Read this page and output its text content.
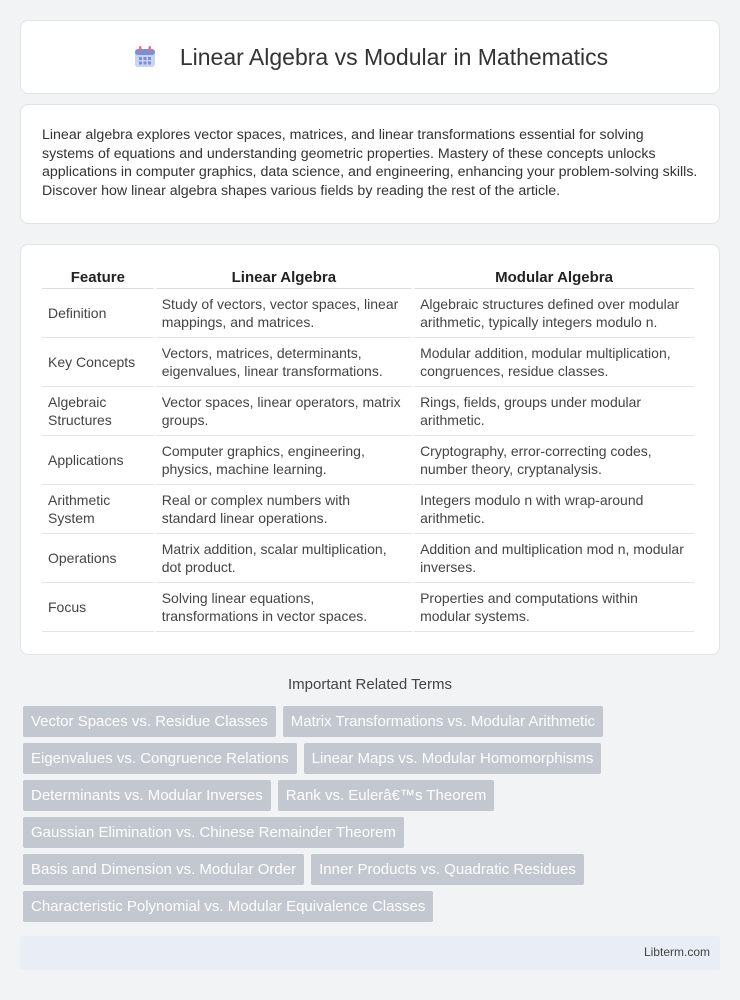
Linear Algebra vs Modular in Mathematics

Linear algebra explores vector spaces, matrices, and linear transformations essential for solving systems of equations and understanding geometric properties. Mastery of these concepts unlocks applications in computer graphics, data science, and engineering, enhancing your problem-solving skills. Discover how linear algebra shapes various fields by reading the rest of the article.

Feature	Linear Algebra	Modular Algebra
Definition	Study of vectors, vector spaces, linear mappings, and matrices.	Algebraic structures defined over modular arithmetic, typically integers modulo n.
Key Concepts	Vectors, matrices, determinants, eigenvalues, linear transformations.	Modular addition, modular multiplication, congruences, residue classes.
Algebraic Structures	Vector spaces, linear operators, matrix groups.	Rings, fields, groups under modular arithmetic.
Applications	Computer graphics, engineering, physics, machine learning.	Cryptography, error-correcting codes, number theory, cryptanalysis.
Arithmetic System	Real or complex numbers with standard linear operations.	Integers modulo n with wrap-around arithmetic.
Operations	Matrix addition, scalar multiplication, dot product.	Addition and multiplication mod n, modular inverses.
Focus	Solving linear equations, transformations in vector spaces.	Properties and computations within modular systems.
Important Related Terms
Vector Spaces vs. Residue Classes	Matrix Transformations vs. Modular Arithmetic
Eigenvalues vs. Congruence Relations	Linear Maps vs. Modular Homomorphisms
Determinants vs. Modular Inverses	Rank vs. Eulerâ€™s Theorem
Gaussian Elimination vs. Chinese Remainder Theorem
Basis and Dimension vs. Modular Order	Inner Products vs. Quadratic Residues
Characteristic Polynomial vs. Modular Equivalence Classes
Libterm.com
